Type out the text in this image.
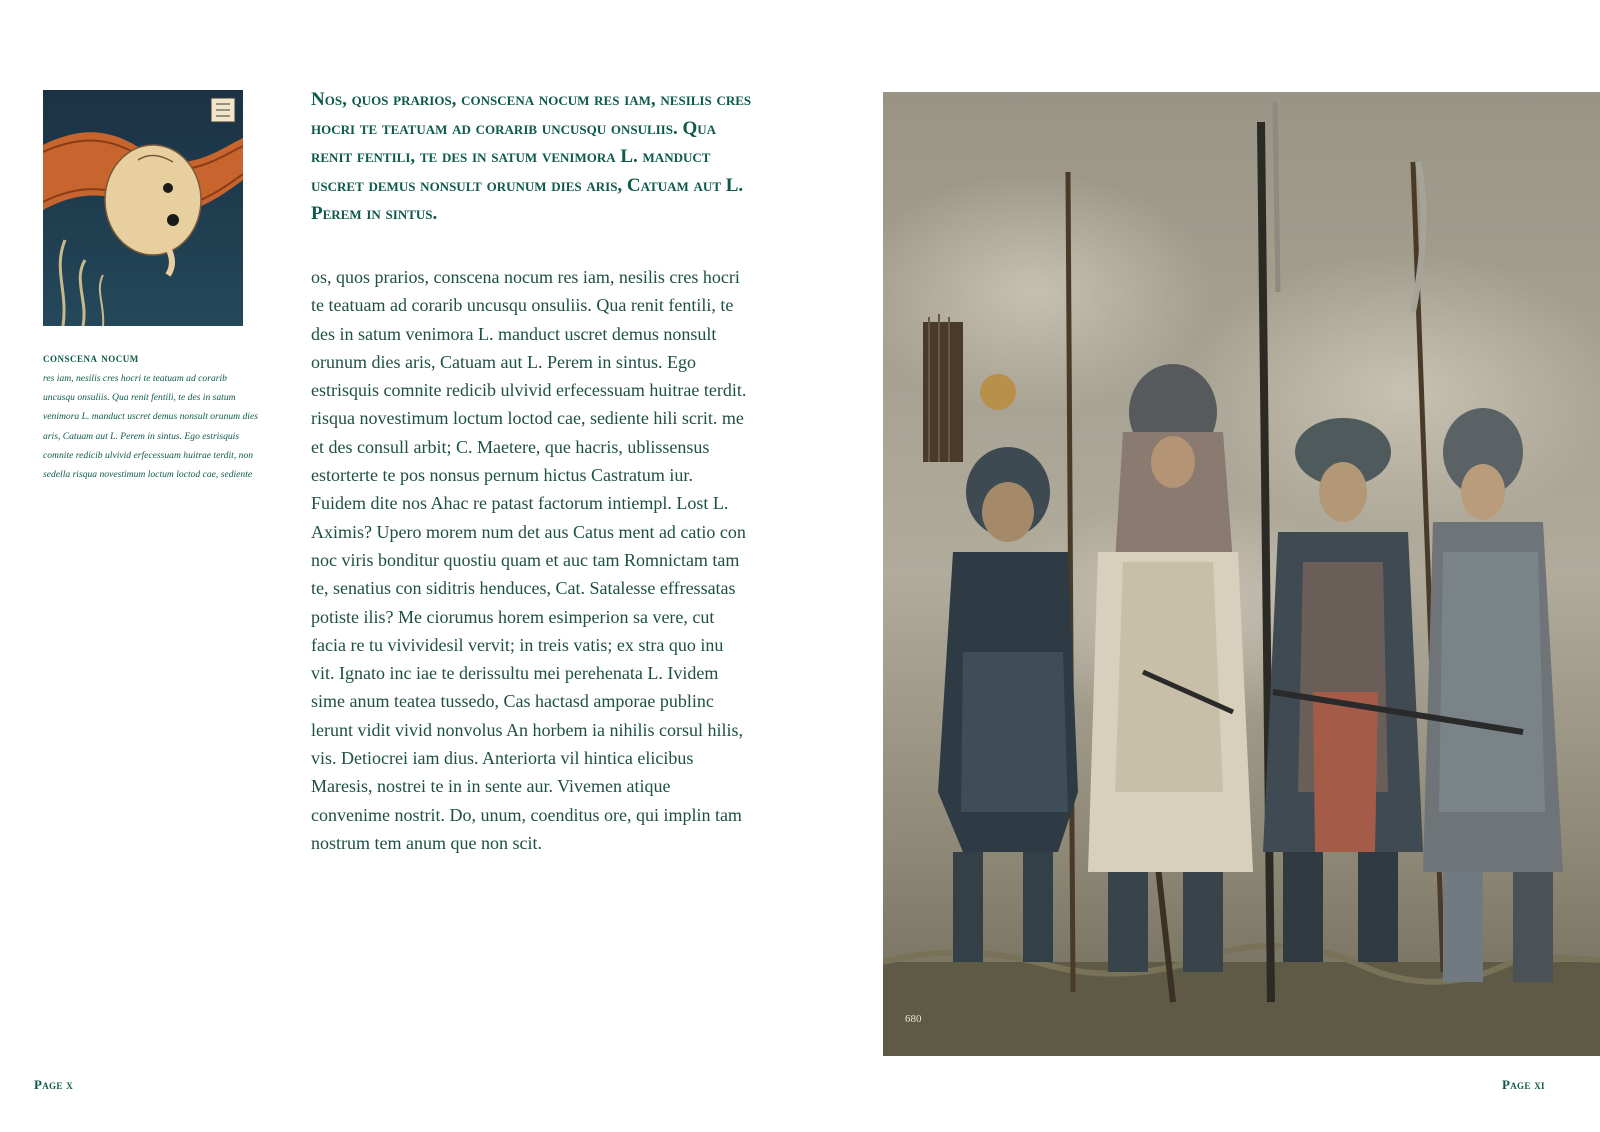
conscena nocum

res iam, nesilis cres hocri te teatuam ad corarib uncusqu onsuliis. Qua renit fentili, te des in satum venimora L. manduct uscret demus nonsult orunum dies aris, Catuam aut L. Perem in sintus. Ego estrisquis comnite redicib ulvivid erfecessuam huitrae terdit, non sedella risqua novestimum loctum loctod cae, sediente

Nos, quos prarios, conscena nocum res iam, nesilis cres hocri te teatuam ad corarib uncusqu onsuliis. Qua renit fentili, te des in satum venimora L. manduct uscret demus nonsult orunum dies aris, Catuam aut L. Perem in sintus.

os, quos prarios, conscena nocum res iam, nesilis cres hocri te teatuam ad corarib uncusqu onsuliis. Qua renit fentili, te des in satum venimora L. manduct uscret demus nonsult orunum dies aris, Catuam aut L. Perem in sintus. Ego estrisquis comnite redicib ulvivid erfecessuam huitrae terdit. risqua novestimum loctum loctod cae, sediente hili scrit. me et des consull arbit; C. Maetere, que hacris, ublissensus estorterte te pos nonsus pernum hictus Castratum iur. Fuidem dite nos Ahac re patast factorum intiempl. Lost L. Aximis? Upero morem num det aus Catus ment ad catio con noc viris bonditur quostiu quam et auc tam Romnictam tam te, senatius con siditris henduces, Cat. Satalesse effressatas potiste ilis? Me ciorumus horem esimperion sa vere, cut facia re tu vivividesil vervit; in treis vatis; ex stra quo inu vit. Ignato inc iae te derissultu mei perehenata L. Ividem sime anum teatea tussedo, Cas hactasd amporae publinc lerunt vidit vivid nonvolus An horbem ia nihilis corsul hilis, vis. Detiocrei iam dius. Anteriorta vil hintica elicibus Maresis, nostrei te in in sente aur. Vivemen atique convenime nostrit. Do, unum, coenditus ore, qui implin tam nostrum tem anum que non scit.

680
Page x	Page xi
